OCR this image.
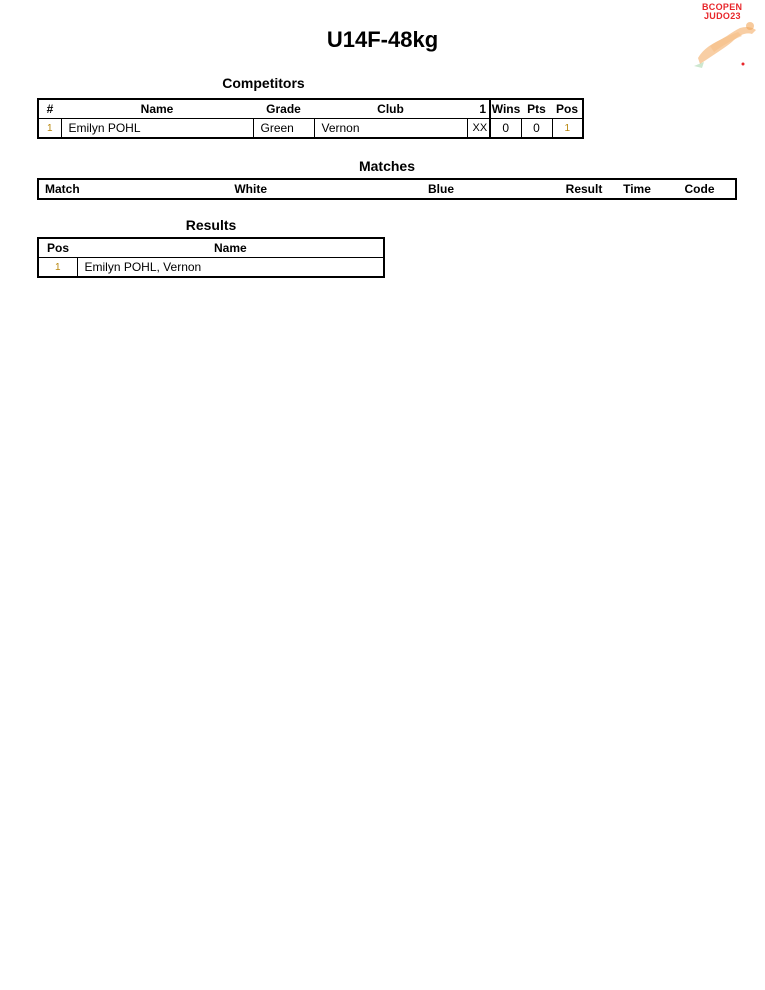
U14F-48kg
BCOPEN
JUDO23
Competitors
#	Name	Grade	Club	1	Wins	Pts	Pos
1	Emilyn POHL	Green	Vernon	XX	0	0	1
Matches
Match	White		Blue	Result	Time	Code
Results
Pos	Name
1	Emilyn POHL, Vernon
